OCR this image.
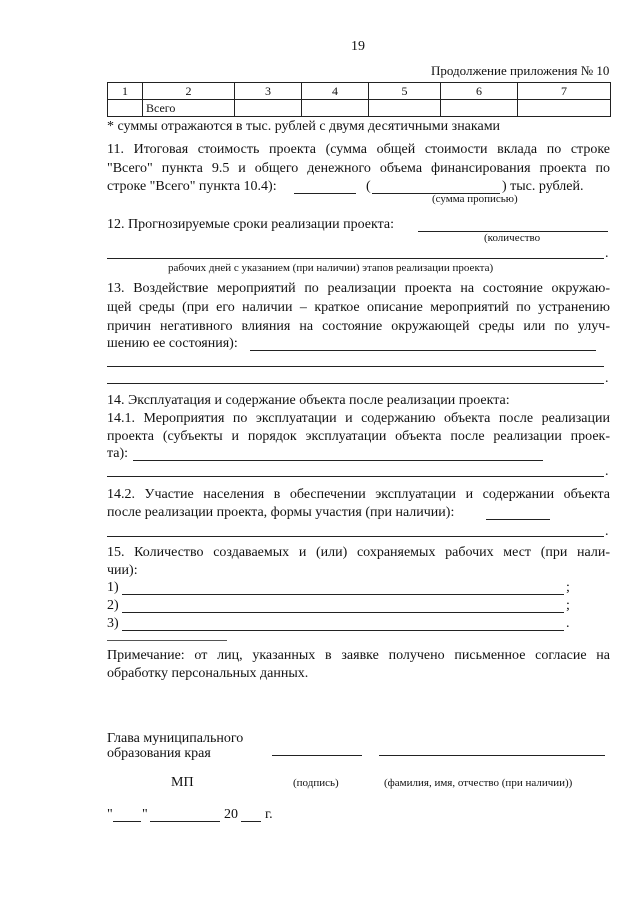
19
Продолжение приложения № 10
1	2	3	4	5	6	7
	Всего					
* суммы отражаются в тыс. рублей с двумя десятичными знаками
11. Итоговая стоимость проекта (сумма общей стоимости вклада по строке
"Всего" пункта 9.5 и общего денежного объема финансирования проекта по
строке "Всего" пункта 10.4):	(	) тыс. рублей.
(сумма прописью)
12. Прогнозируемые сроки реализации проекта:
(количество
.
рабочих дней с указанием (при наличии) этапов реализации проекта)
13. Воздействие мероприятий по реализации проекта на состояние окружаю-
щей среды (при его наличии – краткое описание мероприятий по устранению
причин негативного влияния на состояние окружающей среды или по улуч-
шению ее состояния):
.
14. Эксплуатация и содержание объекта после реализации проекта:
14.1. Мероприятия по эксплуатации и содержанию объекта после реализации
проекта (субъекты и порядок эксплуатации объекта после реализации проек-
та):
.
14.2. Участие населения в обеспечении эксплуатации и содержании объекта
после реализации проекта, формы участия (при наличии):
.
15. Количество создаваемых и (или) сохраняемых рабочих мест (при нали-
чии):
1)	;
2)	;
3)	.
Примечание: от лиц, указанных в заявке получено письменное согласие на
обработку персональных данных.
Глава муниципального
образования края
МП	(подпись)	(фамилия, имя, отчество (при наличии))
" "	20 г.
